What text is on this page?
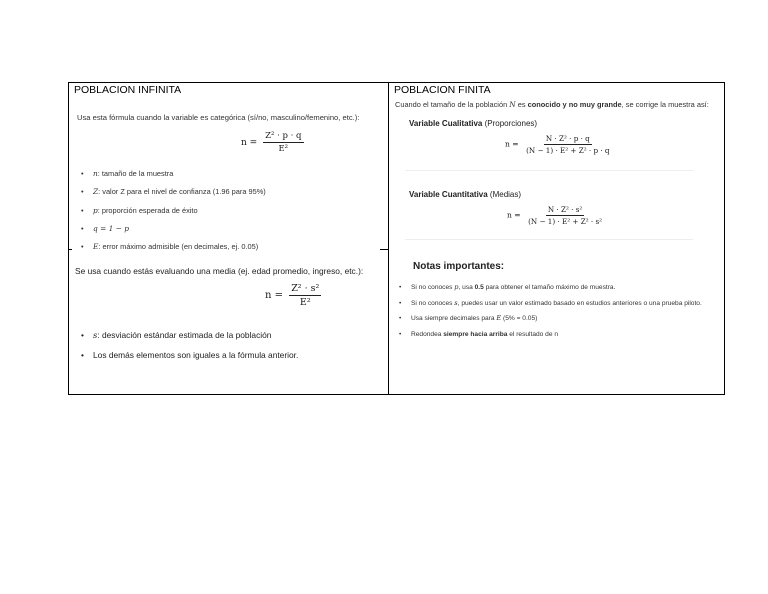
POBLACION INFINITA
Usa esta fórmula cuando la variable es categórica (sí/no, masculino/femenino, etc.):
$n = \frac{\text{Z² · p · q}}{\text{E²}}$
• n: tamaño de la muestra
• Z: valor Z para el nivel de confianza (1.96 para 95%)
• p: proporción esperada de éxito
• q = 1 − p
• E: error máximo admisible (en decimales, ej. 0.05)
Se usa cuando estás evaluando una media (ej. edad promedio, ingreso, etc.):
$n = \frac{\text{Z² · s²}}{\text{E²}}$
• s: desviación estándar estimada de la población
• Los demás elementos son iguales a la fórmula anterior.
POBLACION FINITA
Cuando el tamaño de la población N es conocido y no muy grande, se corrige la muestra así:
Variable Cualitativa (Proporciones)
$n = \frac{\text{N · Z² · p · q}}{\text{(N − 1) · E² + Z² · p · q}}$
Variable Cuantitativa (Medias)
$n = \frac{\text{N · Z² · s²}}{\text{(N − 1) · E² + Z² · s²}}$
Notas importantes:
• Si no conoces p, usa 0.5 para obtener el tamaño máximo de muestra.
• Si no conoces s, puedes usar un valor estimado basado en estudios anteriores o una prueba piloto.
• Usa siempre decimales para E (5% = 0.05)
• Redondea siempre hacia arriba el resultado de n
